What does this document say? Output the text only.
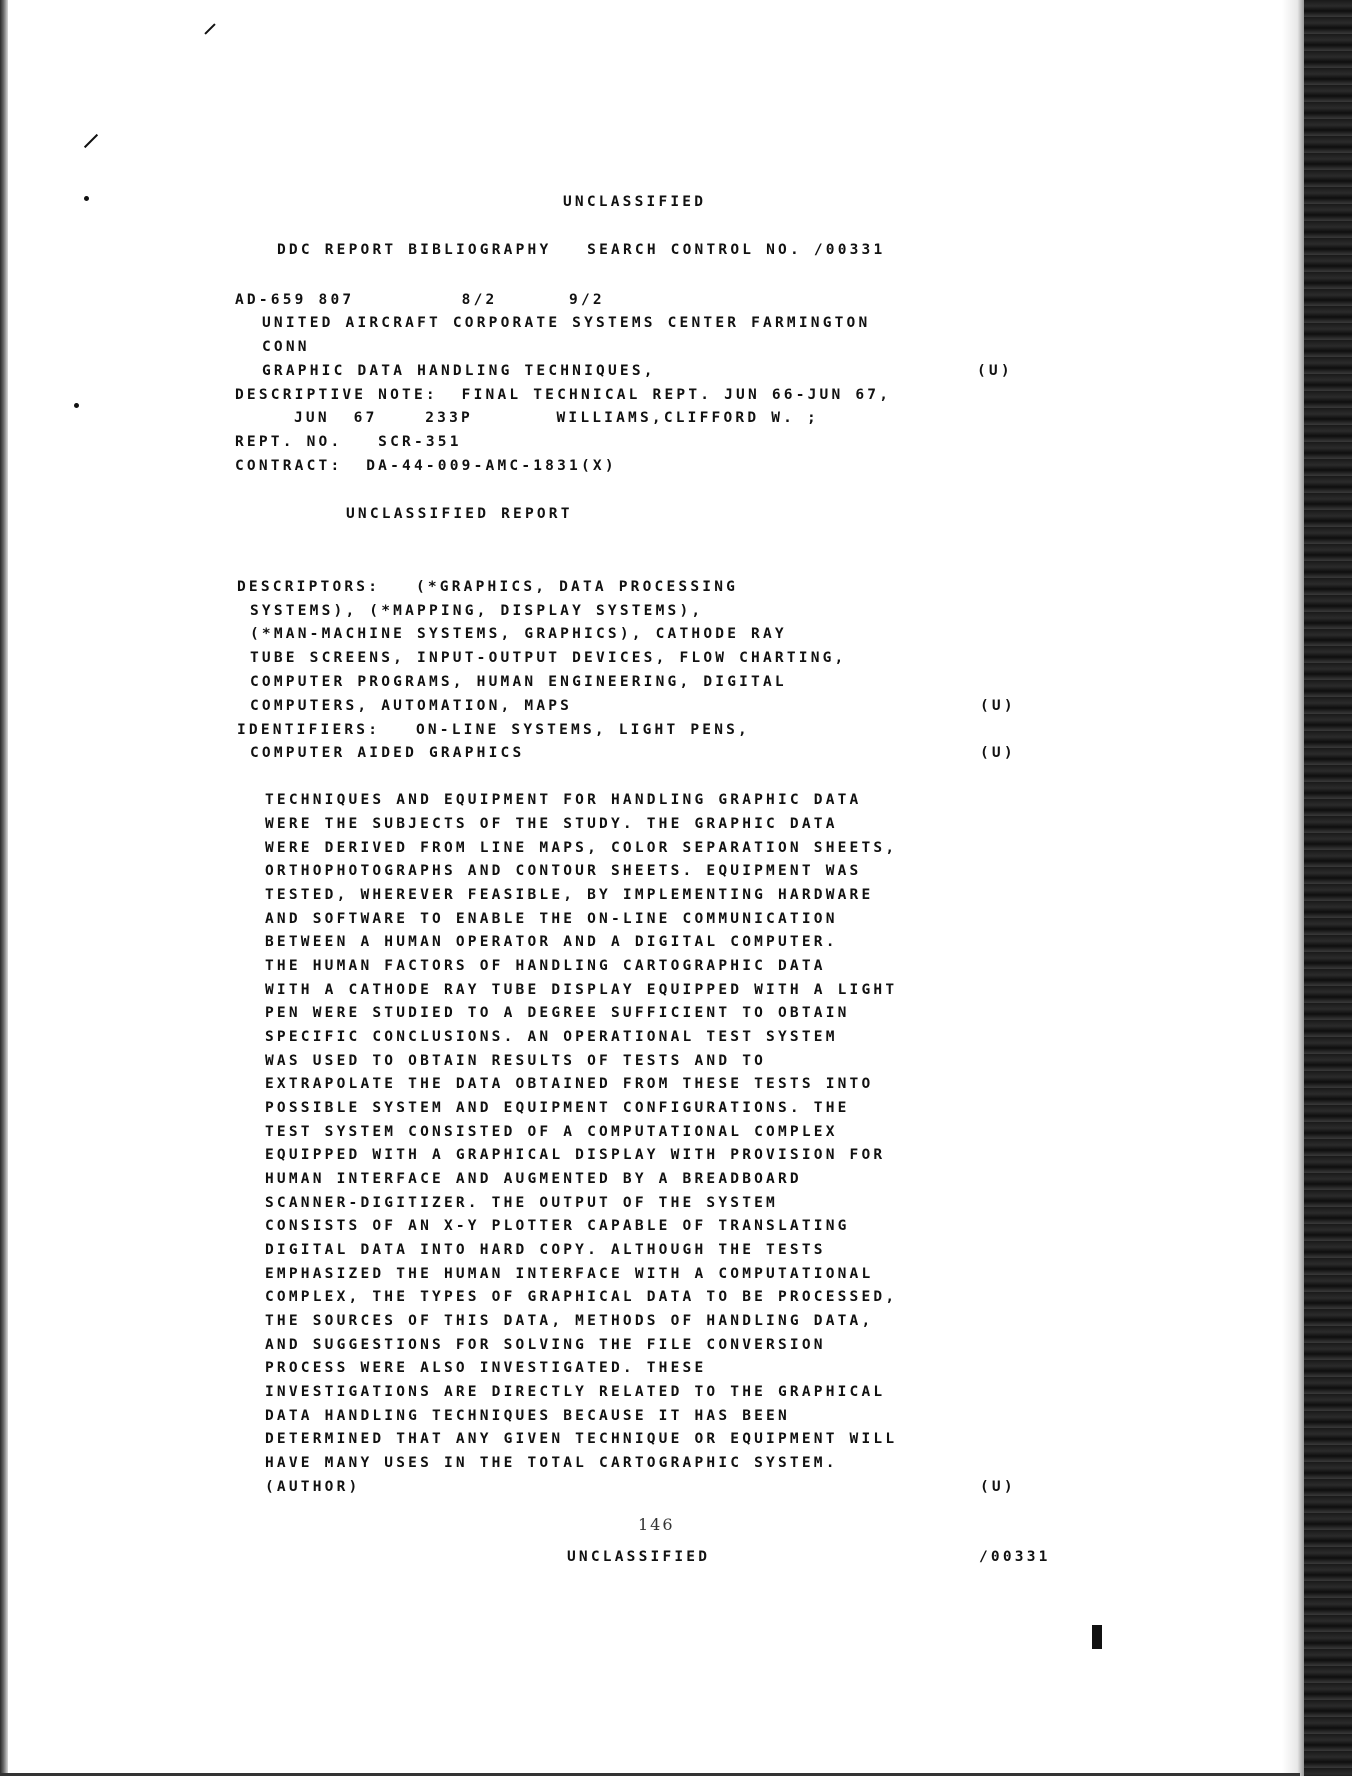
UNCLASSIFIED

DDC REPORT BIBLIOGRAPHY   SEARCH CONTROL NO. /00331

AD-659 807         8/2      9/2

UNITED AIRCRAFT CORPORATE SYSTEMS CENTER FARMINGTON

CONN

GRAPHIC DATA HANDLING TECHNIQUES,	(U)

DESCRIPTIVE NOTE:  FINAL TECHNICAL REPT. JUN 66-JUN 67,

JUN  67    233P       WILLIAMS,CLIFFORD W. ;

REPT. NO.   SCR-351

CONTRACT:  DA-44-009-AMC-1831(X)

UNCLASSIFIED REPORT

DESCRIPTORS:   (*GRAPHICS, DATA PROCESSING

SYSTEMS), (*MAPPING, DISPLAY SYSTEMS),

(*MAN-MACHINE SYSTEMS, GRAPHICS), CATHODE RAY

TUBE SCREENS, INPUT-OUTPUT DEVICES, FLOW CHARTING,

COMPUTER PROGRAMS, HUMAN ENGINEERING, DIGITAL

COMPUTERS, AUTOMATION, MAPS	(U)

IDENTIFIERS:   ON-LINE SYSTEMS, LIGHT PENS,

COMPUTER AIDED GRAPHICS	(U)

TECHNIQUES AND EQUIPMENT FOR HANDLING GRAPHIC DATA

WERE THE SUBJECTS OF THE STUDY. THE GRAPHIC DATA

WERE DERIVED FROM LINE MAPS, COLOR SEPARATION SHEETS,

ORTHOPHOTOGRAPHS AND CONTOUR SHEETS. EQUIPMENT WAS

TESTED, WHEREVER FEASIBLE, BY IMPLEMENTING HARDWARE

AND SOFTWARE TO ENABLE THE ON-LINE COMMUNICATION

BETWEEN A HUMAN OPERATOR AND A DIGITAL COMPUTER.

THE HUMAN FACTORS OF HANDLING CARTOGRAPHIC DATA

WITH A CATHODE RAY TUBE DISPLAY EQUIPPED WITH A LIGHT

PEN WERE STUDIED TO A DEGREE SUFFICIENT TO OBTAIN

SPECIFIC CONCLUSIONS. AN OPERATIONAL TEST SYSTEM

WAS USED TO OBTAIN RESULTS OF TESTS AND TO

EXTRAPOLATE THE DATA OBTAINED FROM THESE TESTS INTO

POSSIBLE SYSTEM AND EQUIPMENT CONFIGURATIONS. THE

TEST SYSTEM CONSISTED OF A COMPUTATIONAL COMPLEX

EQUIPPED WITH A GRAPHICAL DISPLAY WITH PROVISION FOR

HUMAN INTERFACE AND AUGMENTED BY A BREADBOARD

SCANNER-DIGITIZER. THE OUTPUT OF THE SYSTEM

CONSISTS OF AN X-Y PLOTTER CAPABLE OF TRANSLATING

DIGITAL DATA INTO HARD COPY. ALTHOUGH THE TESTS

EMPHASIZED THE HUMAN INTERFACE WITH A COMPUTATIONAL

COMPLEX, THE TYPES OF GRAPHICAL DATA TO BE PROCESSED,

THE SOURCES OF THIS DATA, METHODS OF HANDLING DATA,

AND SUGGESTIONS FOR SOLVING THE FILE CONVERSION

PROCESS WERE ALSO INVESTIGATED. THESE

INVESTIGATIONS ARE DIRECTLY RELATED TO THE GRAPHICAL

DATA HANDLING TECHNIQUES BECAUSE IT HAS BEEN

DETERMINED THAT ANY GIVEN TECHNIQUE OR EQUIPMENT WILL

HAVE MANY USES IN THE TOTAL CARTOGRAPHIC SYSTEM.

(AUTHOR)	(U)

146

UNCLASSIFIED	/00331
